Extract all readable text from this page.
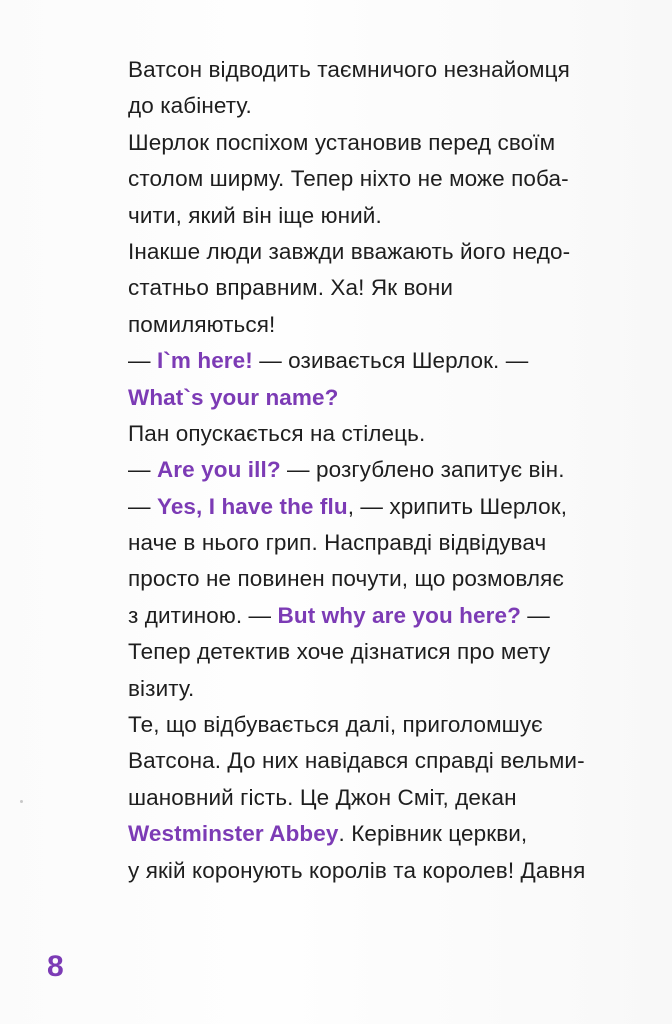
Ватсон відводить таємничого незнайомця
до кабінету.
Шерлок поспіхом установив перед своїм
столом ширму. Тепер ніхто не може поба-
чити, який він іще юний.
Інакше люди завжди вважають його недо-
статньо вправним. Ха! Як вони
помиляються!
— I`m here! — озивається Шерлок. —
What`s your name?
Пан опускається на стілець.
— Are you ill? — розгублено запитує він.
— Yes, I have the flu, — хрипить Шерлок,
наче в нього грип. Насправді відвідувач
просто не повинен почути, що розмовляє
з дитиною. — But why are you here? —
Тепер детектив хоче дізнатися про мету
візиту.
Те, що відбувається далі, приголомшує
Ватсона. До них навідався справді вельми-
шановний гість. Це Джон Сміт, декан
Westminster Abbey. Керівник церкви,
у якій коронують королів та королев! Давня
8
